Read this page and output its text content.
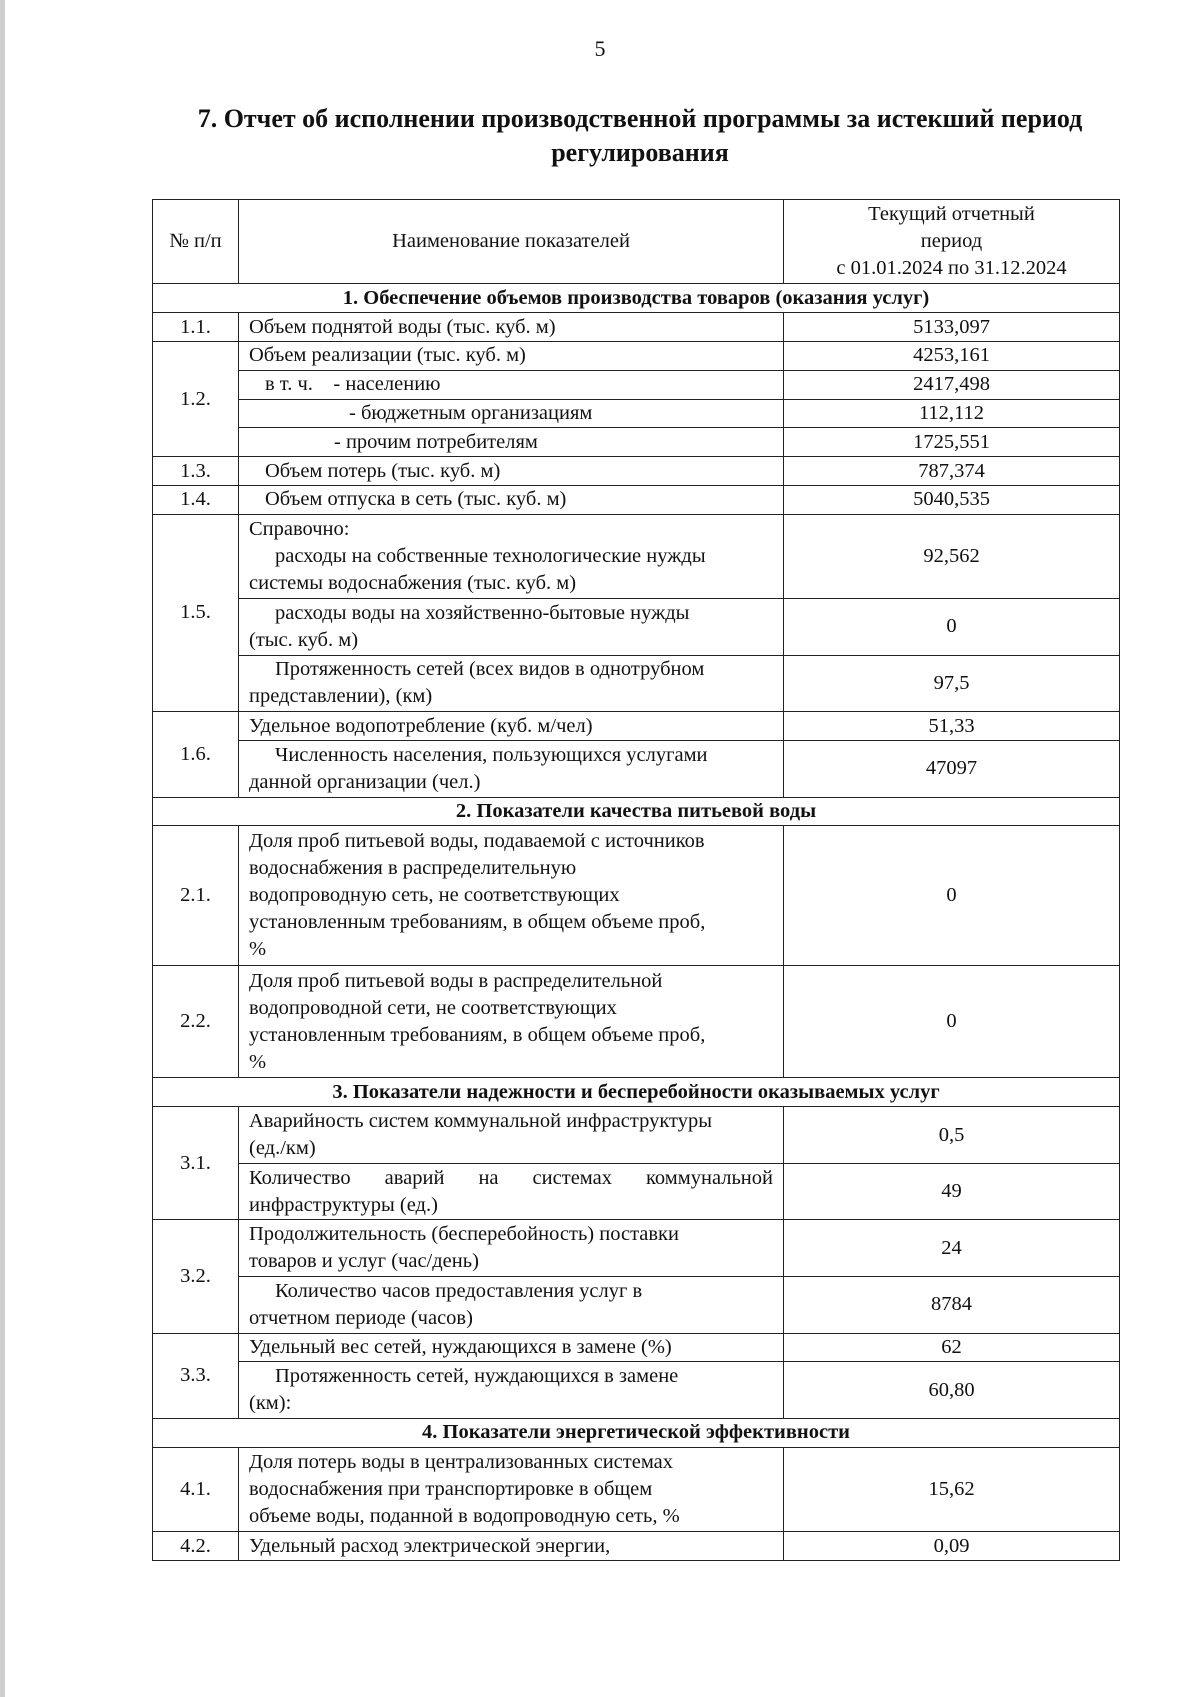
5
7. Отчет об исполнении производственной программы за истекший период
регулирования
№ п/п	Наименование показателей	Текущий отчетный
период
с 01.01.2024 по 31.12.2024

1. Обеспечение объемов производства товаров (оказания услуг)		
1.1.	Объем поднятой воды (тыс. куб. м)	5133,097
1.2.	Объем реализации (тыс. куб. м)	4253,161
	в т. ч. - населению	2417,498
	- бюджетным организациям	112,112
	- прочим потребителям	1725,551
1.3.	Объем потерь (тыс. куб. м)	787,374
1.4.	Объем отпуска в сеть (тыс. куб. м)	5040,535
1.5.	Справочно:
расходы на собственные технологические нужды
системы водоснабжения (тыс. куб. м)	92,562

	расходы воды на хозяйственно-бытовые нужды
(тыс. куб. м)	0

	Протяженность сетей (всех видов в однотрубном
представлении), (км)	97,5
1.6.	Удельное водопотребление (куб. м/чел)	51,33

	Численность населения, пользующихся услугами
данной организации (чел.)	47097
2. Показатели качества питьевой воды		
2.1.	Доля проб питьевой воды, подаваемой с источников
водоснабжения в распределительную
водопроводную сеть, не соответствующих
установленным требованиям, в общем объеме проб,
%	0
2.2.	Доля проб питьевой воды в распределительной
водопроводной сети, не соответствующих
установленным требованиям, в общем объеме проб,
%	0
3. Показатели надежности и бесперебойности оказываемых услуг		
3.1.	Аварийность систем коммунальной инфраструктуры
(ед./км)	0,5

	Количество аварий на системах коммунальной
инфраструктуры (ед.)	49
3.2.	Продолжительность (бесперебойность) поставки
товаров и услуг (час/день)	24

	Количество часов предоставления услуг в
отчетном периоде (часов)	8784
3.3.	Удельный вес сетей, нуждающихся в замене (%)	62

	Протяженность сетей, нуждающихся в замене
(км):	60,80
4. Показатели энергетической эффективности		
4.1.	Доля потерь воды в централизованных системах
водоснабжения при транспортировке в общем
объеме воды, поданной в водопроводную сеть, %	15,62
4.2.	Удельный расход электрической энергии,	0,09
